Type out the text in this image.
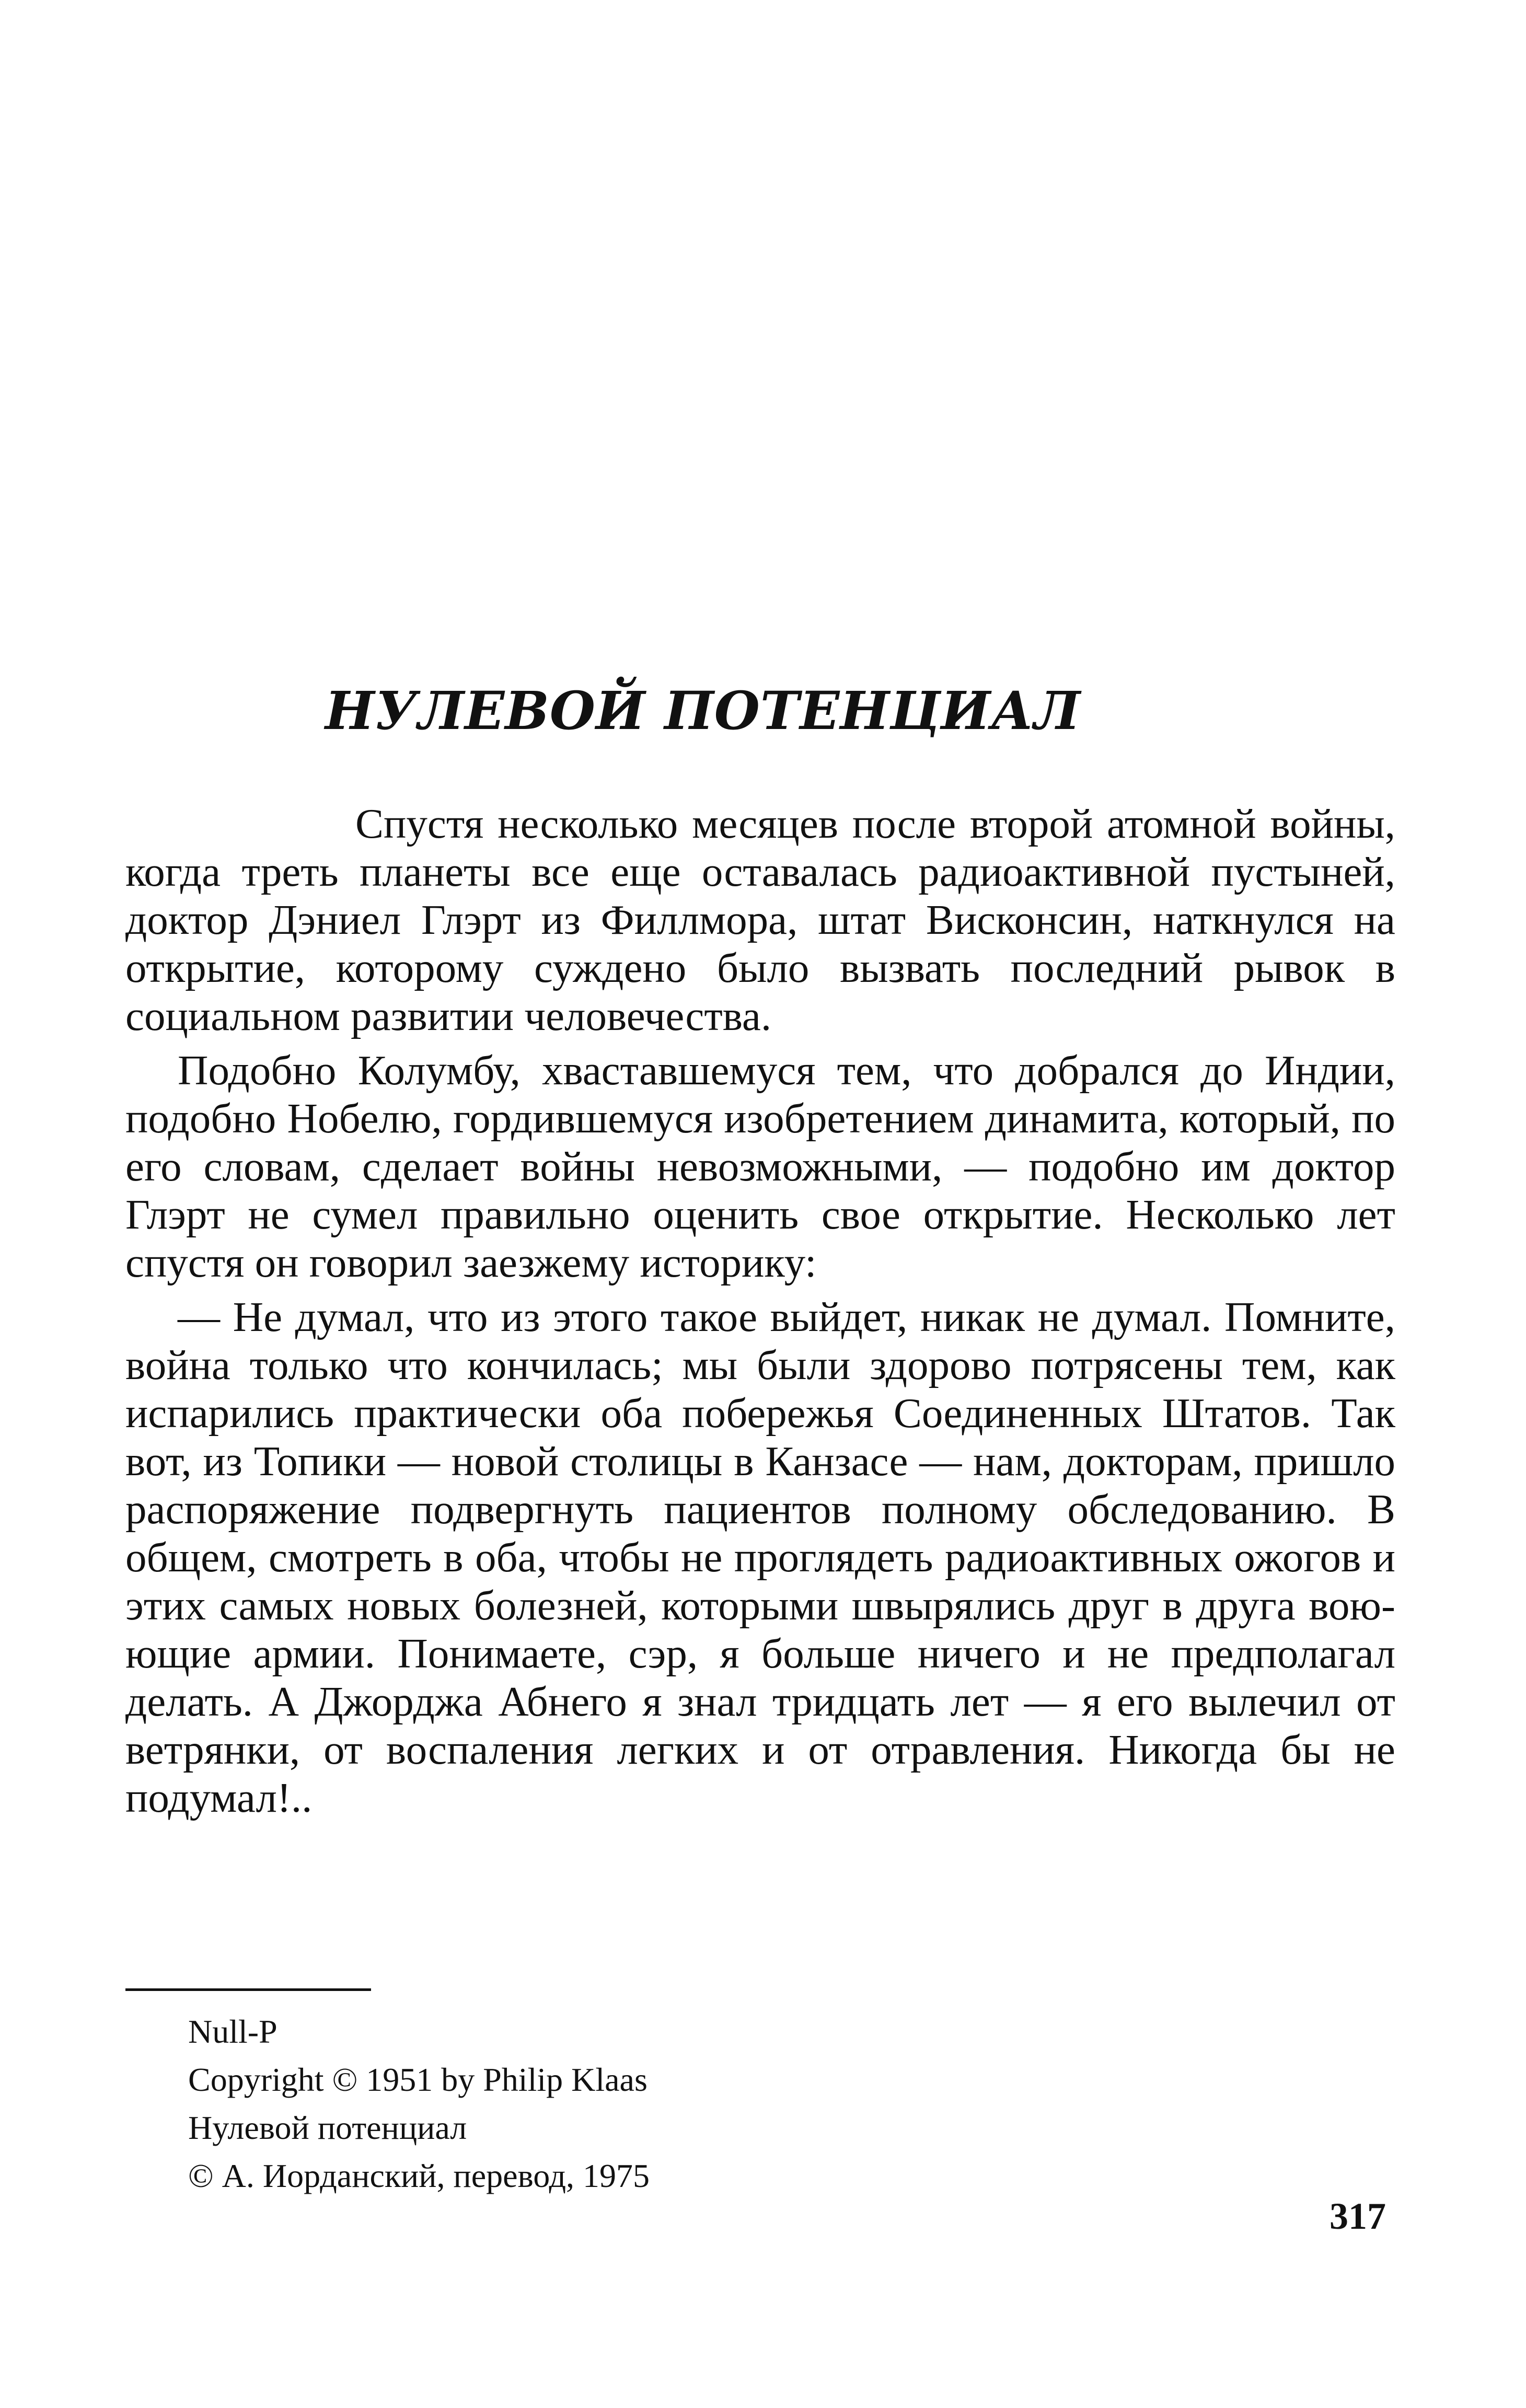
НУЛЕВОЙ ПОТЕНЦИАЛ

Спустя несколько месяцев после второй атомной войны, когда треть планеты все еще оставалась радиоактивной пустыней, доктор Дэниел Глэрт из Филлмора, штат Висконсин, наткнулся на открытие, которому суждено было вызвать последний рывок в социальном развитии человечества.

Подобно Колумбу, хваставшемуся тем, что добрался до Индии, подобно Нобелю, гордившемуся изобретением динамита, который, по его словам, сделает войны невозможными, — подобно им доктор Глэрт не сумел правильно оценить свое открытие. Несколько лет спустя он говорил заезжему историку:

— Не думал, что из этого такое выйдет, никак не думал. Помните, война только что кончилась; мы были здорово потрясены тем, как испарились практически оба побережья Соединенных Штатов. Так вот, из Топики — новой столицы в Канзасе — нам, докторам, пришло распоряжение подвергнуть пациентов полному обследованию. В общем, смотреть в оба, чтобы не проглядеть радиоактивных ожогов и этих самых новых болезней, которыми швырялись друг в друга воюющие армии. Понимаете, сэр, я больше ничего и не предполагал делать. А Джорджа Абнего я знал тридцать лет — я его вылечил от ветрянки, от воспаления легких и от отравления. Никогда бы не подумал!..

Null-P
Copyright © 1951 by Philip Klaas
Нулевой потенциал
© А. Иорданский, перевод, 1975
317
